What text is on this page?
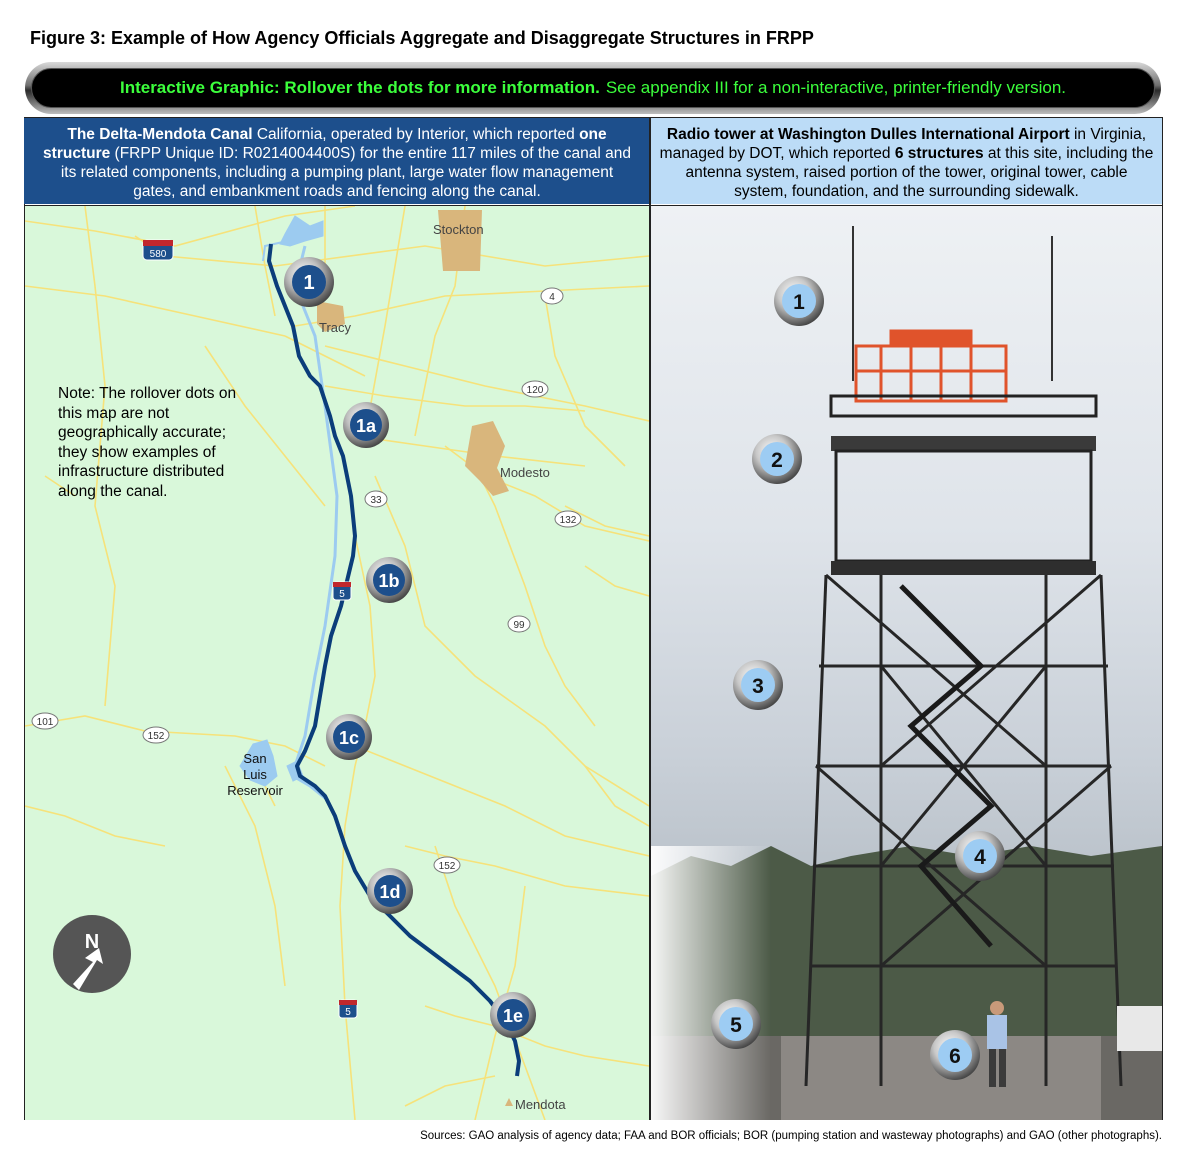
Figure 3: Example of How Agency Officials Aggregate and Disaggregate Structures in FRPP
Interactive Graphic: Rollover the dots for more information. See appendix III for a non-interactive, printer-friendly version.
The Delta-Mendota Canal California, operated by Interior, which reported one structure (FRPP Unique ID: R0214004400S) for the entire 117 miles of the canal and its related components, including a pumping plant, large water flow management gates, and embankment roads and fencing along the canal.
Radio tower at Washington Dulles International Airport in Virginia, managed by DOT, which reported 6 structures at this site, including the antenna system, raised portion of the tower, original tower, cable system, foundation, and the surrounding sidewalk.
580
4
120
33
132
5
99
101
152
152
5
Stockton
Tracy
Modesto
Mendota
San
Luis
Reservoir
1
1a
1b
1c
1d
1e
N
Note: The rollover dots on this map are not geographically accurate; they show examples of infrastructure distributed along the canal.
1
2
3
4
5
6
Sources: GAO analysis of agency data; FAA and BOR officials; BOR (pumping station and wasteway photographs) and GAO (other photographs).
